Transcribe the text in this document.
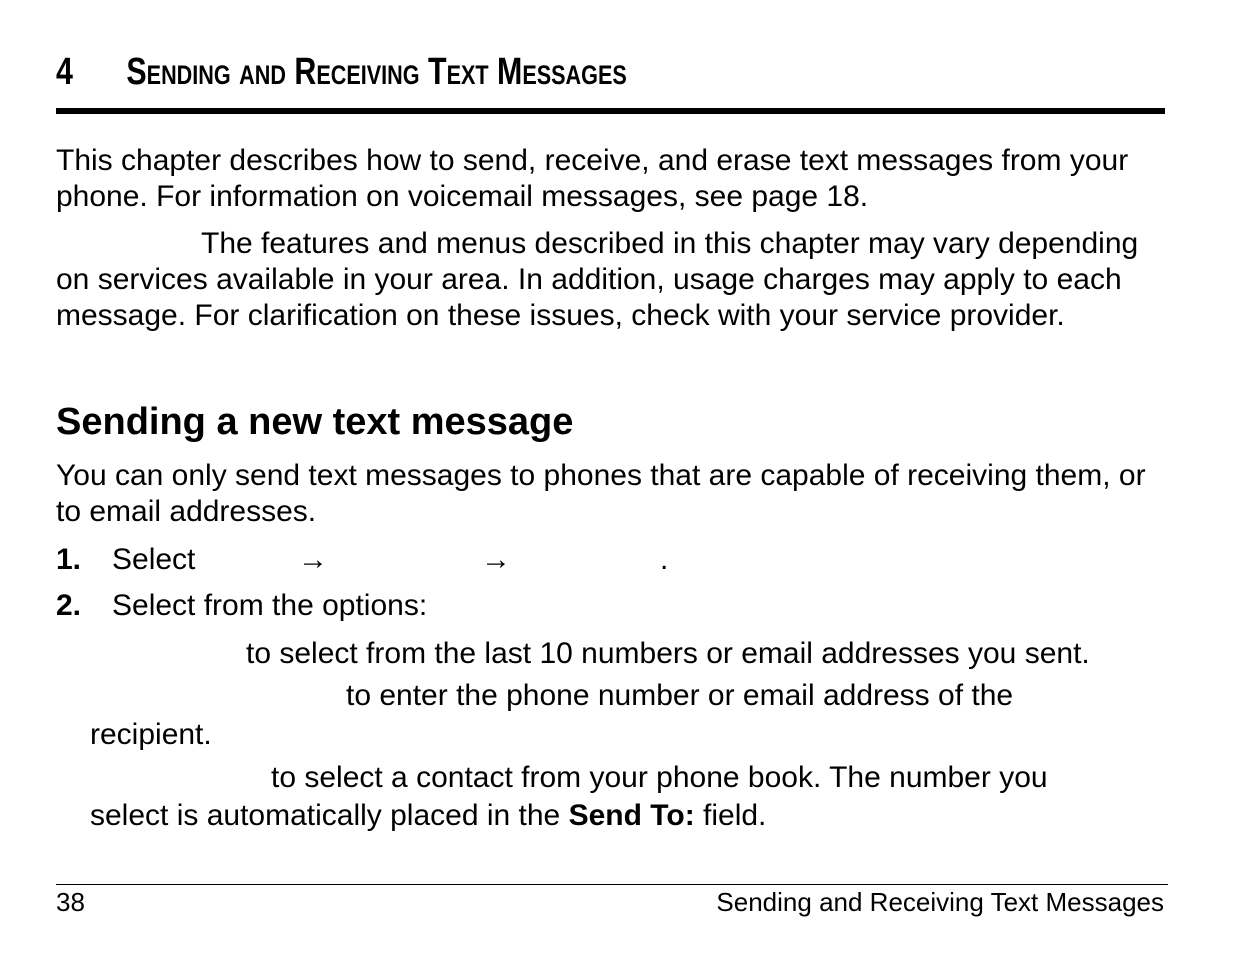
4 Sending and Receiving Text Messages

This chapter describes how to send, receive, and erase text messages from your phone. For information on voicemail messages, see page 18.

The features and menus described in this chapter may vary depending on services available in your area. In addition, usage charges may apply to each message. For clarification on these issues, check with your service provider.

Sending a new text message

You can only send text messages to phones that are capable of receiving them, or to email addresses.

1. Select	→	→	.
2. Select from the options:
to select from the last 10 numbers or email addresses you sent.
to enter the phone number or email address of the
recipient.
to select a contact from your phone book. The number you
select is automatically placed in the Send To: field.
38	Sending and Receiving Text Messages
